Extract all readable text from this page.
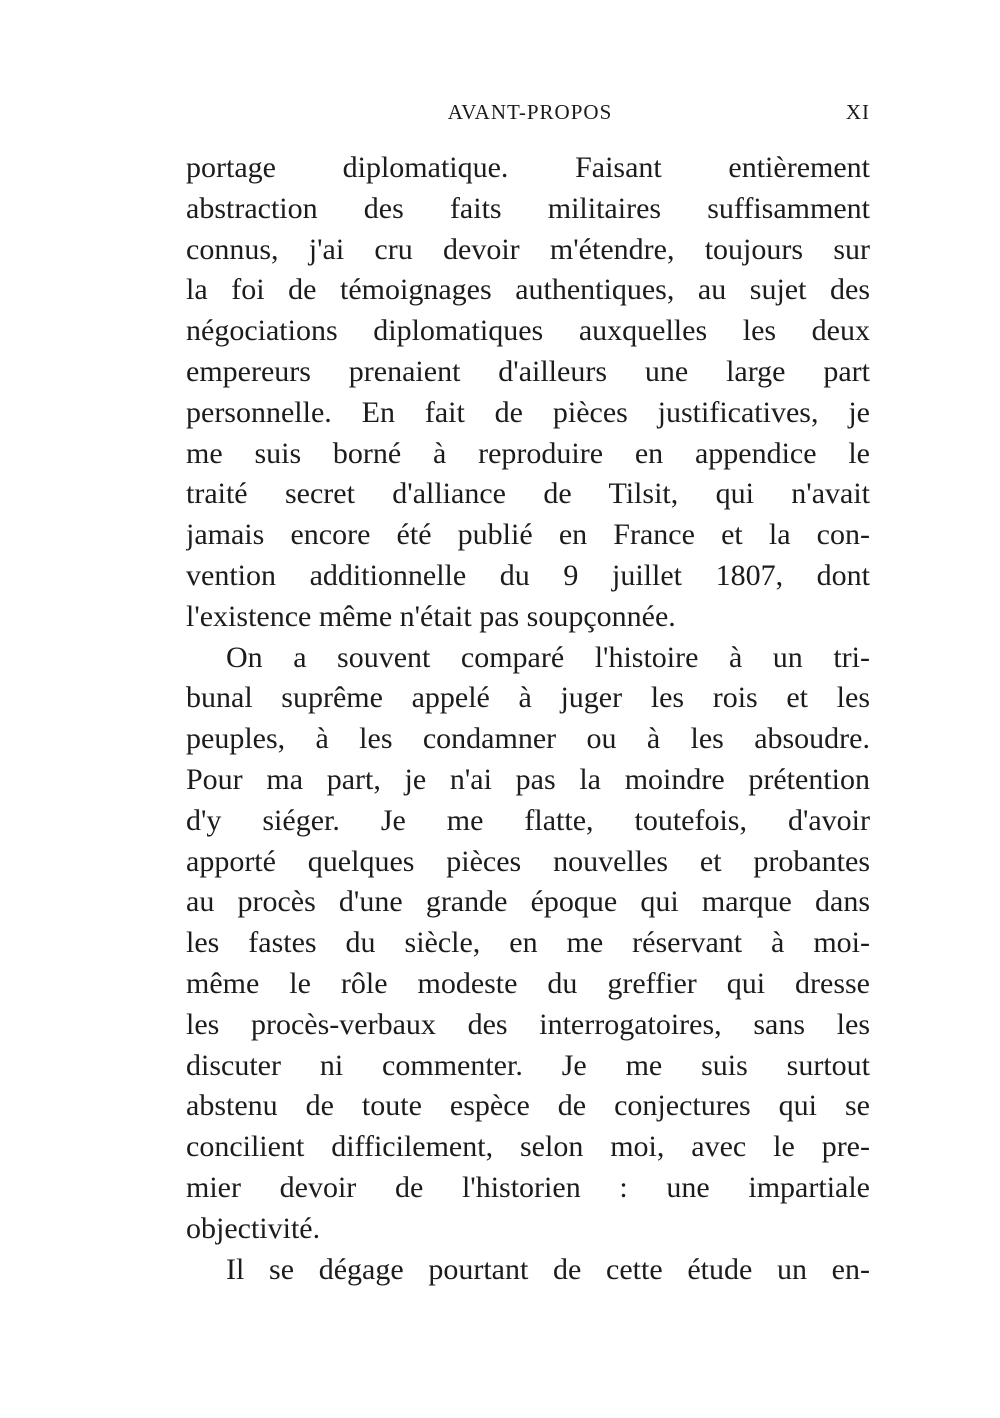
AVANT-PROPOS	XI
portage diplomatique. Faisant entièrement
abstraction des faits militaires suffisamment
connus, j'ai cru devoir m'étendre, toujours sur
la foi de témoignages authentiques, au sujet des
négociations diplomatiques auxquelles les deux
empereurs prenaient d'ailleurs une large part
personnelle. En fait de pièces justificatives, je
me suis borné à reproduire en appendice le
traité secret d'alliance de Tilsit, qui n'avait
jamais encore été publié en France et la con-
vention additionnelle du 9 juillet 1807, dont
l'existence même n'était pas soupçonnée.
On a souvent comparé l'histoire à un tri-
bunal suprême appelé à juger les rois et les
peuples, à les condamner ou à les absoudre.
Pour ma part, je n'ai pas la moindre prétention
d'y siéger. Je me flatte, toutefois, d'avoir
apporté quelques pièces nouvelles et probantes
au procès d'une grande époque qui marque dans
les fastes du siècle, en me réservant à moi-
même le rôle modeste du greffier qui dresse
les procès-verbaux des interrogatoires, sans les
discuter ni commenter. Je me suis surtout
abstenu de toute espèce de conjectures qui se
concilient difficilement, selon moi, avec le pre-
mier devoir de l'historien : une impartiale
objectivité.
Il se dégage pourtant de cette étude un en-
